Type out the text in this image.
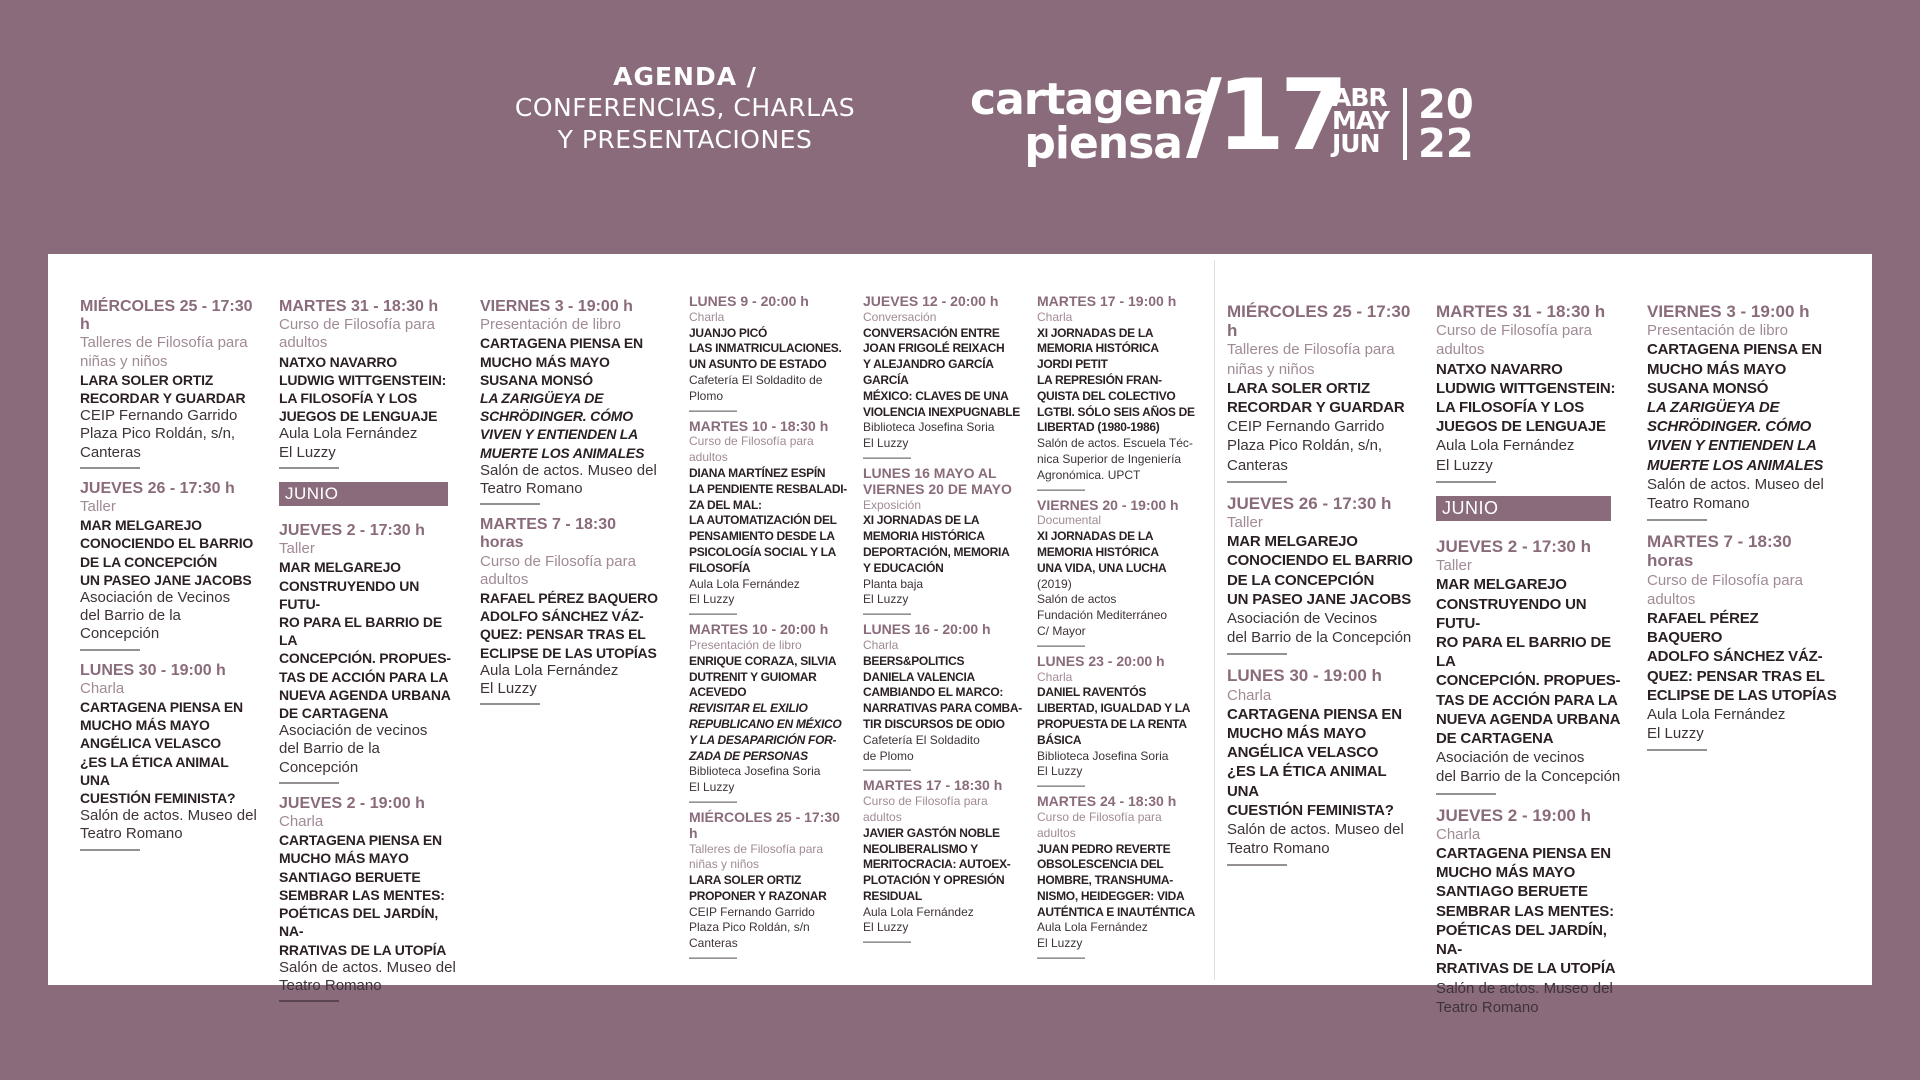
AGENDA /
CONFERENCIAS, CHARLAS
Y PRESENTACIONES
cartagena
piensa /17
ABR
MAY
JUN
20
22
MIÉRCOLES 25 - 17:30 h
Talleres de Filosofía para
niñas y niños
LARA SOLER ORTIZ
RECORDAR Y GUARDAR
CEIP Fernando Garrido
Plaza Pico Roldán, s/n,
Canteras
————
JUEVES 26 - 17:30 h
Taller
MAR MELGAREJO
CONOCIENDO EL BARRIO
DE LA CONCEPCIÓN
UN PASEO JANE JACOBS
Asociación de Vecinos
del Barrio de la Concepción
————
LUNES 30 - 19:00 h
Charla
CARTAGENA PIENSA EN
MUCHO MÁS MAYO
ANGÉLICA VELASCO
¿ES LA ÉTICA ANIMAL UNA
CUESTIÓN FEMINISTA?
Salón de actos. Museo del
Teatro Romano
————
MARTES 31 - 18:30 h
Curso de Filosofía para
adultos
NATXO NAVARRO
LUDWIG WITTGENSTEIN:
LA FILOSOFÍA Y LOS
JUEGOS DE LENGUAJE
Aula Lola Fernández
El Luzzy
————
JUNIO
JUEVES 2 - 17:30 h
Taller
MAR MELGAREJO
CONSTRUYENDO UN FUTU-
RO PARA EL BARRIO DE LA
CONCEPCIÓN. PROPUES-
TAS DE ACCIÓN PARA LA
NUEVA AGENDA URBANA
DE CARTAGENA
Asociación de vecinos
del Barrio de la Concepción
————
JUEVES 2 - 19:00 h
Charla
CARTAGENA PIENSA EN
MUCHO MÁS MAYO
SANTIAGO BERUETE
SEMBRAR LAS MENTES:
POÉTICAS DEL JARDÍN, NA-
RRATIVAS DE LA UTOPÍA
Salón de actos. Museo del
Teatro Romano
————
VIERNES 3 - 19:00 h
Presentación de libro
CARTAGENA PIENSA EN
MUCHO MÁS MAYO
SUSANA MONSÓ
LA ZARIGÜEYA DE
SCHRÖDINGER. CÓMO
VIVEN Y ENTIENDEN LA
MUERTE LOS ANIMALES
Salón de actos. Museo del
Teatro Romano
————
MARTES 7 - 18:30 horas
Curso de Filosofía para
adultos
RAFAEL PÉREZ BAQUERO
ADOLFO SÁNCHEZ VÁZ-
QUEZ: PENSAR TRAS EL
ECLIPSE DE LAS UTOPÍAS
Aula Lola Fernández
El Luzzy
————
LUNES 9 - 20:00 h
Charla
JUANJO PICÓ
LAS INMATRICULACIONES.
UN ASUNTO DE ESTADO
Cafetería El Soldadito de
Plomo
————
MARTES 10 - 18:30 h
Curso de Filosofía para
adultos
DIANA MARTÍNEZ ESPÍN
LA PENDIENTE RESBALADI-
ZA DEL MAL:
LA AUTOMATIZACIÓN DEL
PENSAMIENTO DESDE LA
PSICOLOGÍA SOCIAL Y LA
FILOSOFÍA
Aula Lola Fernández
El Luzzy
————
MARTES 10 - 20:00 h
Presentación de libro
ENRIQUE CORAZA, SILVIA
DUTRENIT Y GUIOMAR
ACEVEDO
REVISITAR EL EXILIO
REPUBLICANO EN MÉXICO
Y LA DESAPARICIÓN FOR-
ZADA DE PERSONAS
Biblioteca Josefina Soria
El Luzzy
————
MIÉRCOLES 25 - 17:30 h
Talleres de Filosofía para
niñas y niños
LARA SOLER ORTIZ
PROPONER Y RAZONAR
CEIP Fernando Garrido
Plaza Pico Roldán, s/n
Canteras
————
JUEVES 12 - 20:00 h
Conversación
CONVERSACIÓN ENTRE
JOAN FRIGOLÉ REIXACH
Y ALEJANDRO GARCÍA
GARCÍA
MÉXICO: CLAVES DE UNA
VIOLENCIA INEXPUGNABLE
Biblioteca Josefina Soria
El Luzzy
————
LUNES 16 MAYO AL
VIERNES 20 DE MAYO
Exposición
XI JORNADAS DE LA
MEMORIA HISTÓRICA
DEPORTACIÓN, MEMORIA
Y EDUCACIÓN
Planta baja
El Luzzy
————
LUNES 16 - 20:00 h
Charla
BEERS&POLITICS
DANIELA VALENCIA
CAMBIANDO EL MARCO:
NARRATIVAS PARA COMBA-
TIR DISCURSOS DE ODIO
Cafetería El Soldadito
de Plomo
————
MARTES 17 - 18:30 h
Curso de Filosofía para
adultos
JAVIER GASTÓN NOBLE
NEOLIBERALISMO Y
MERITOCRACIA: AUTOEX-
PLOTACIÓN Y OPRESIÓN
RESIDUAL
Aula Lola Fernández
El Luzzy
————
MARTES 17 - 19:00 h
Charla
XI JORNADAS DE LA
MEMORIA HISTÓRICA
JORDI PETIT
LA REPRESIÓN FRAN-
QUISTA DEL COLECTIVO
LGTBI. SÓLO SEIS AÑOS DE
LIBERTAD (1980-1986)
Salón de actos. Escuela Téc-
nica Superior de Ingeniería
Agronómica. UPCT
————
VIERNES 20 - 19:00 h
Documental
XI JORNADAS DE LA
MEMORIA HISTÓRICA
UNA VIDA, UNA LUCHA
(2019)
Salón de actos
Fundación Mediterráneo
C/ Mayor
————
LUNES 23 - 20:00 h
Charla
DANIEL RAVENTÓS
LIBERTAD, IGUALDAD Y LA
PROPUESTA DE LA RENTA
BÁSICA
Biblioteca Josefina Soria
El Luzzy
————
MARTES 24 - 18:30 h
Curso de Filosofía para
adultos
JUAN PEDRO REVERTE
OBSOLESCENCIA DEL
HOMBRE, TRANSHUMA-
NISMO, HEIDEGGER: VIDA
AUTÉNTICA E INAUTÉNTICA
Aula Lola Fernández
El Luzzy
————
MIÉRCOLES 25 - 17:30 h
Talleres de Filosofía para
niñas y niños
LARA SOLER ORTIZ
RECORDAR Y GUARDAR
CEIP Fernando Garrido
Plaza Pico Roldán, s/n,
Canteras
————
JUEVES 26 - 17:30 h
Taller
MAR MELGAREJO
CONOCIENDO EL BARRIO
DE LA CONCEPCIÓN
UN PASEO JANE JACOBS
Asociación de Vecinos
del Barrio de la Concepción
————
LUNES 30 - 19:00 h
Charla
CARTAGENA PIENSA EN
MUCHO MÁS MAYO
ANGÉLICA VELASCO
¿ES LA ÉTICA ANIMAL UNA
CUESTIÓN FEMINISTA?
Salón de actos. Museo del
Teatro Romano
————
MARTES 31 - 18:30 h
Curso de Filosofía para
adultos
NATXO NAVARRO
LUDWIG WITTGENSTEIN:
LA FILOSOFÍA Y LOS
JUEGOS DE LENGUAJE
Aula Lola Fernández
El Luzzy
————
JUNIO
JUEVES 2 - 17:30 h
Taller
MAR MELGAREJO
CONSTRUYENDO UN FUTU-
RO PARA EL BARRIO DE LA
CONCEPCIÓN. PROPUES-
TAS DE ACCIÓN PARA LA
NUEVA AGENDA URBANA
DE CARTAGENA
Asociación de vecinos
del Barrio de la Concepción
————
JUEVES 2 - 19:00 h
Charla
CARTAGENA PIENSA EN
MUCHO MÁS MAYO
SANTIAGO BERUETE
SEMBRAR LAS MENTES:
POÉTICAS DEL JARDÍN, NA-
RRATIVAS DE LA UTOPÍA
Salón de actos. Museo del
Teatro Romano
VIERNES 3 - 19:00 h
Presentación de libro
CARTAGENA PIENSA EN
MUCHO MÁS MAYO
SUSANA MONSÓ
LA ZARIGÜEYA DE
SCHRÖDINGER. CÓMO
VIVEN Y ENTIENDEN LA
MUERTE LOS ANIMALES
Salón de actos. Museo del
Teatro Romano
————
MARTES 7 - 18:30 horas
Curso de Filosofía para
adultos
RAFAEL PÉREZ BAQUERO
ADOLFO SÁNCHEZ VÁZ-
QUEZ: PENSAR TRAS EL
ECLIPSE DE LAS UTOPÍAS
Aula Lola Fernández
El Luzzy
————
